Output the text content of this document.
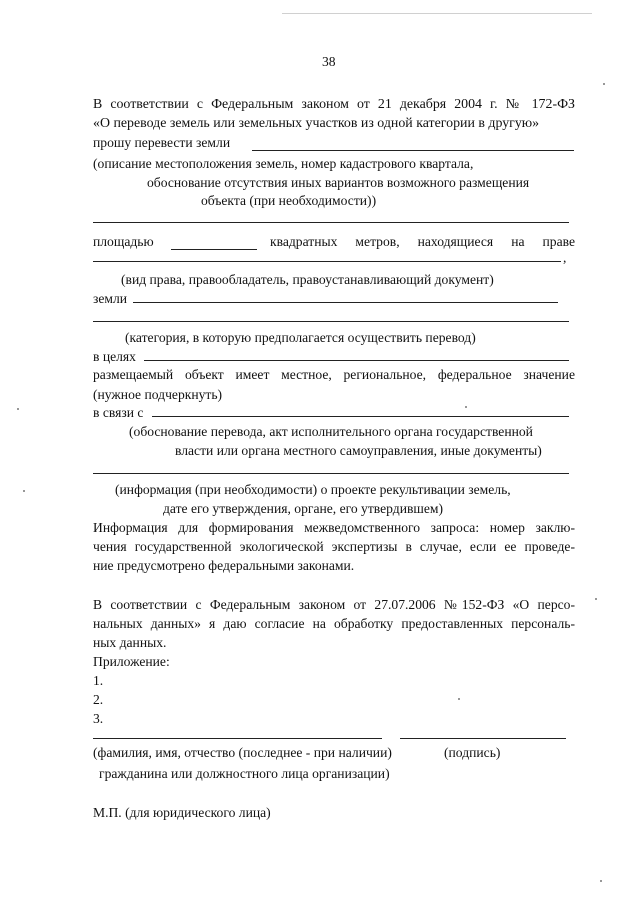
38
В соответствии с Федеральным законом от 21 декабря 2004 г. № 172-ФЗ
«О переводе земель или земельных участков из одной категории в другую»
прошу перевести земли
(описание местоположения земель, номер кадастрового квартала,
обоснование отсутствия иных вариантов возможного размещения
объекта (при необходимости))
площадью	квадратных метров, находящиеся на праве
,
(вид права, правообладатель, правоустанавливающий документ)
земли
(категория, в которую предполагается осуществить перевод)
в целях
размещаемый объект имеет местное, региональное, федеральное значение
(нужное подчеркнуть)
в связи с
(обоснование перевода, акт исполнительного органа государственной
власти или органа местного самоуправления, иные документы)
(информация (при необходимости) о проекте рекультивации земель,
дате его утверждения, органе, его утвердившем)
Информация для формирования межведомственного запроса: номер заклю-
чения государственной экологической экспертизы в случае, если ее проведе-
ние предусмотрено федеральными законами.
В соответствии с Федеральным законом от 27.07.2006 №152-ФЗ «О персо-
нальных данных» я даю согласие на обработку предоставленных персональ-
ных данных.
Приложение:
1.
2.
3.
(фамилия, имя, отчество (последнее - при наличии)	(подпись)
гражданина или должностного лица организации)
М.П. (для юридического лица)
